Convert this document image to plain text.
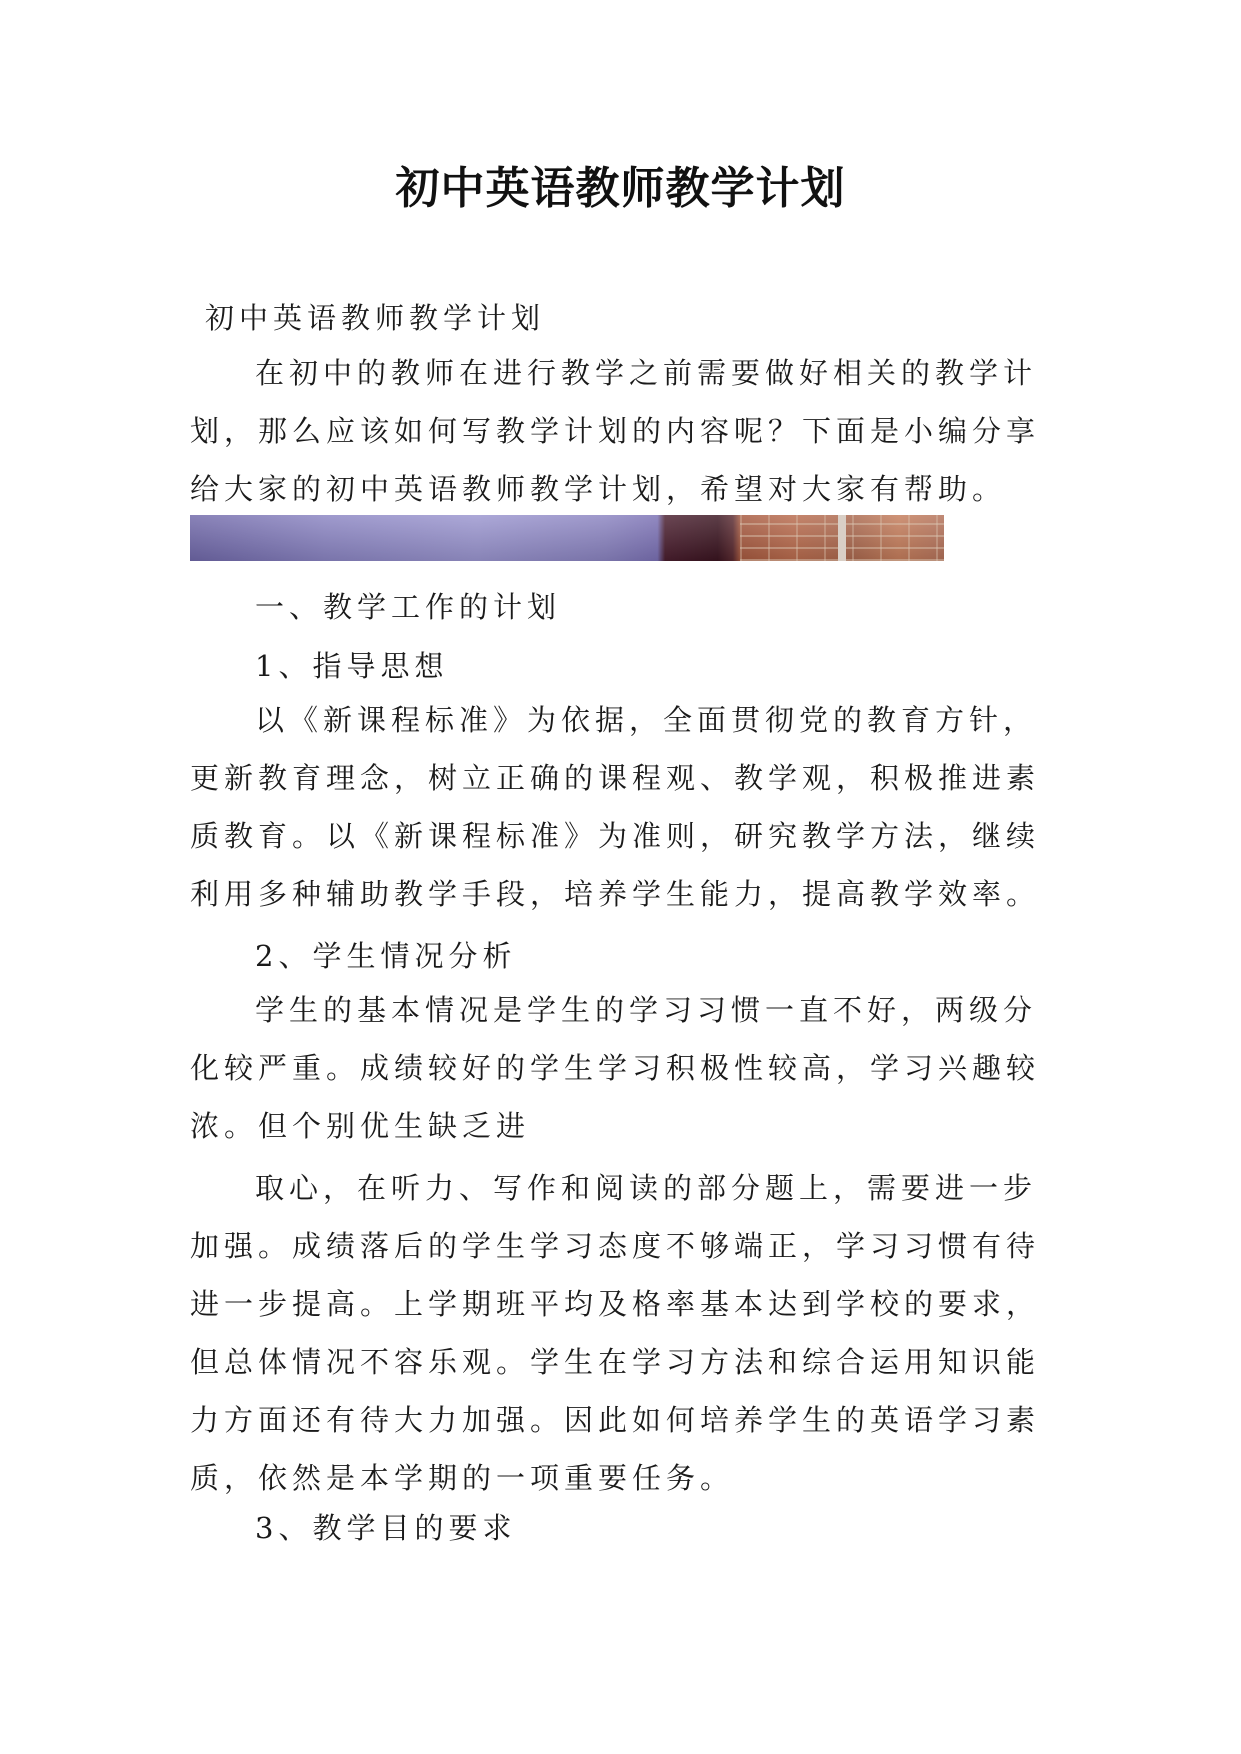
初中英语教师教学计划

初中英语教师教学计划

在初中的教师在进行教学之前需要做好相关的教学计划，那么应该如何写教学计划的内容呢？下面是小编分享给大家的初中英语教师教学计划，希望对大家有帮助。

一、教学工作的计划

1、指导思想

以《新课程标准》为依据，全面贯彻党的教育方针，更新教育理念，树立正确的课程观、教学观，积极推进素质教育。以《新课程标准》为准则，研究教学方法，继续利用多种辅助教学手段，培养学生能力，提高教学效率。

2、学生情况分析

学生的基本情况是学生的学习习惯一直不好，两级分化较严重。成绩较好的学生学习积极性较高，学习兴趣较浓。但个别优生缺乏进

取心，在听力、写作和阅读的部分题上，需要进一步加强。成绩落后的学生学习态度不够端正，学习习惯有待进一步提高。上学期班平均及格率基本达到学校的要求，但总体情况不容乐观。学生在学习方法和综合运用知识能力方面还有待大力加强。因此如何培养学生的英语学习素质，依然是本学期的一项重要任务。

3、教学目的要求
